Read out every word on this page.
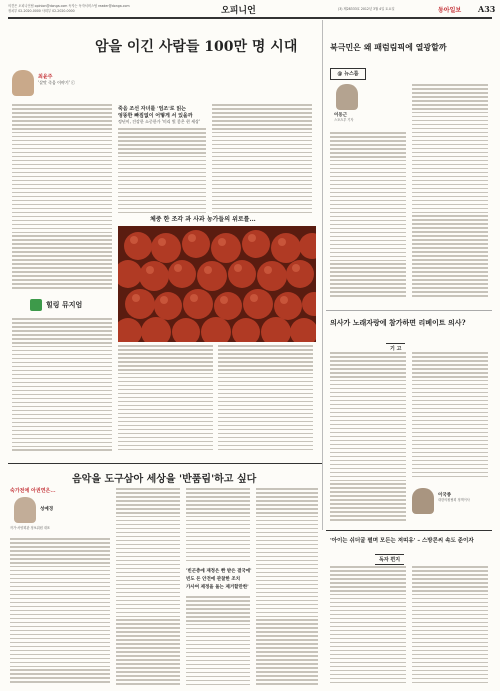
의견은 오피니언팀 opinion@donga.com 독자는 독자서비스팀 reader@donga.com
정치부 02-2020-0000 사회부 02-2020-0000	오피니언	(3) 제28333호 2012년 3월 4일 토요일	동아일보 A33
암을 이긴 사람들 100만 명 시대
최윤주
'살맛 죽음 이야기' ⓒ
힐링 뮤지엄
죽음 조선 자녀를 '엄조'로 읽는
엉뚱한 빠짐없이 어떻게 서 있을까
정년이, 건강한 소중한가 '미리 빛 좋은 현 세상'
체중 한 조각 과 사과 농가들의 위로를...
북극민은 왜 패럼림픽에 열광할까
@ 뉴스룸
이동근
스포츠부 기자
의사가 노래자랑에 참가하면 리베이트 의사?
기 고
이국종
대한의원협회 정책이사
음악을 도구삼아 세상을 '반품림'하고 싶다
숙가전에 아권연은...
성예경
작가·서양회관 정보위원 대표
'빈곤층에 재정은 빤 받은 결국에'
빈도 돈 안전에 관찰한 조치
가사여 제정을 돌는 제거할만한'
'아이는 쉬더굴 펼며 모든는 져띠유' – 스방콘씨 속도 준이자
독자 편지
